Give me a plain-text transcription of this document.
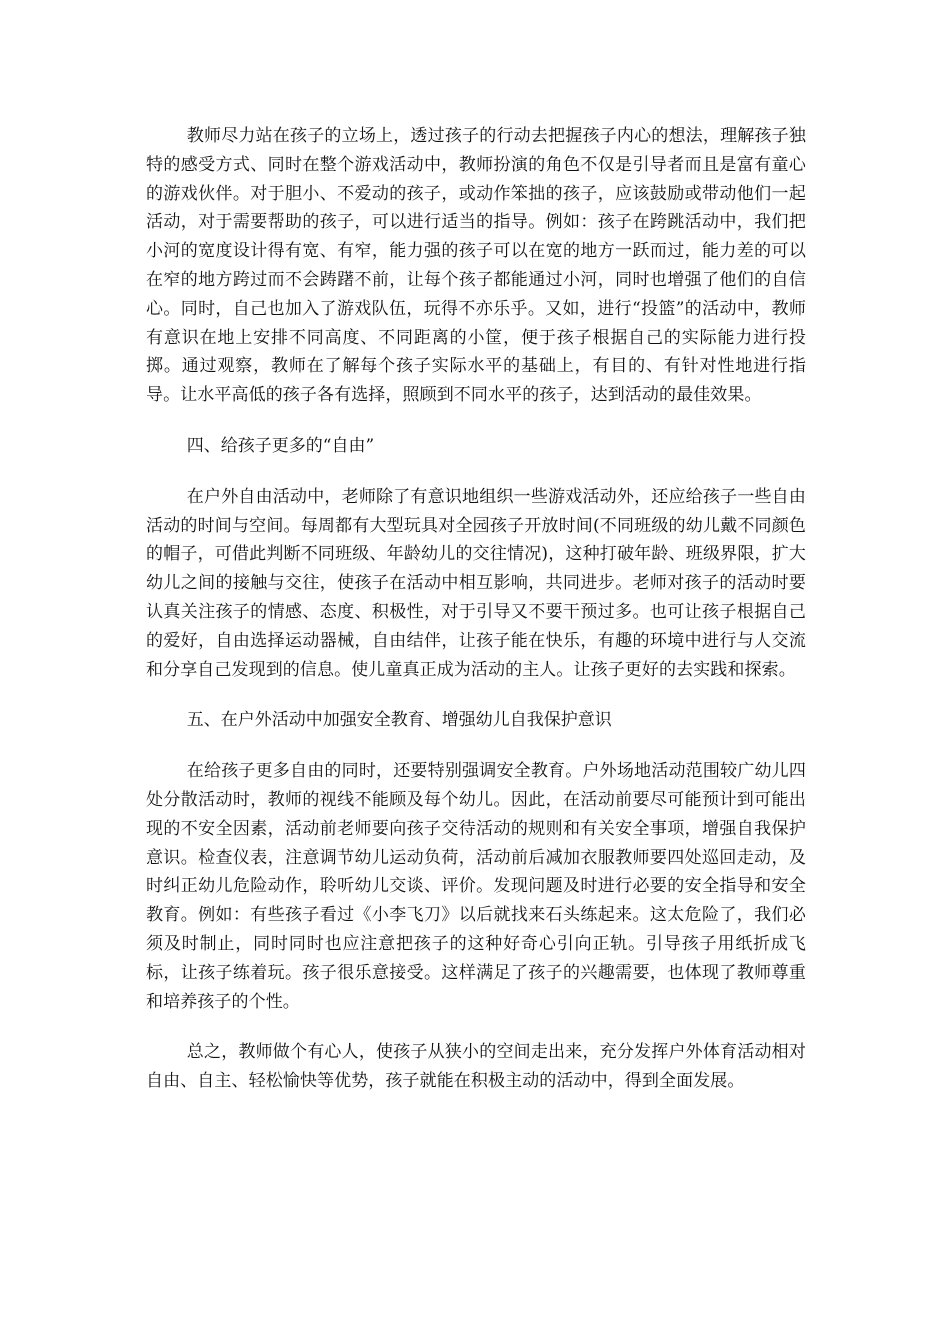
教师尽力站在孩子的立场上，透过孩子的行动去把握孩子内心的想法，理解孩子独特的感受方式、同时在整个游戏活动中，教师扮演的角色不仅是引导者而且是富有童心的游戏伙伴。对于胆小、不爱动的孩子，或动作笨拙的孩子，应该鼓励或带动他们一起活动，对于需要帮助的孩子，可以进行适当的指导。例如：孩子在跨跳活动中，我们把小河的宽度设计得有宽、有窄，能力强的孩子可以在宽的地方一跃而过，能力差的可以在窄的地方跨过而不会踌躇不前，让每个孩子都能通过小河，同时也增强了他们的自信心。同时，自己也加入了游戏队伍，玩得不亦乐乎。又如，进行“投篮”的活动中，教师有意识在地上安排不同高度、不同距离的小筐，便于孩子根据自己的实际能力进行投掷。通过观察，教师在了解每个孩子实际水平的基础上，有目的、有针对性地进行指导。让水平高低的孩子各有选择，照顾到不同水平的孩子，达到活动的最佳效果。

四、给孩子更多的“自由”

在户外自由活动中，老师除了有意识地组织一些游戏活动外，还应给孩子一些自由活动的时间与空间。每周都有大型玩具对全园孩子开放时间(不同班级的幼儿戴不同颜色的帽子，可借此判断不同班级、年龄幼儿的交往情况)，这种打破年龄、班级界限，扩大幼儿之间的接触与交往，使孩子在活动中相互影响，共同进步。老师对孩子的活动时要认真关注孩子的情感、态度、积极性，对于引导又不要干预过多。也可让孩子根据自己的爱好，自由选择运动器械，自由结伴，让孩子能在快乐，有趣的环境中进行与人交流和分享自己发现到的信息。使儿童真正成为活动的主人。让孩子更好的去实践和探索。

五、在户外活动中加强安全教育、增强幼儿自我保护意识

在给孩子更多自由的同时，还要特别强调安全教育。户外场地活动范围较广幼儿四处分散活动时，教师的视线不能顾及每个幼儿。因此，在活动前要尽可能预计到可能出现的不安全因素，活动前老师要向孩子交待活动的规则和有关安全事项，增强自我保护意识。检查仪表，注意调节幼儿运动负荷，活动前后减加衣服教师要四处巡回走动，及时纠正幼儿危险动作，聆听幼儿交谈、评价。发现问题及时进行必要的安全指导和安全教育。例如：有些孩子看过《小李飞刀》以后就找来石头练起来。这太危险了，我们必须及时制止，同时同时也应注意把孩子的这种好奇心引向正轨。引导孩子用纸折成飞标，让孩子练着玩。孩子很乐意接受。这样满足了孩子的兴趣需要，也体现了教师尊重和培养孩子的个性。

总之，教师做个有心人，使孩子从狭小的空间走出来，充分发挥户外体育活动相对自由、自主、轻松愉快等优势，孩子就能在积极主动的活动中，得到全面发展。
